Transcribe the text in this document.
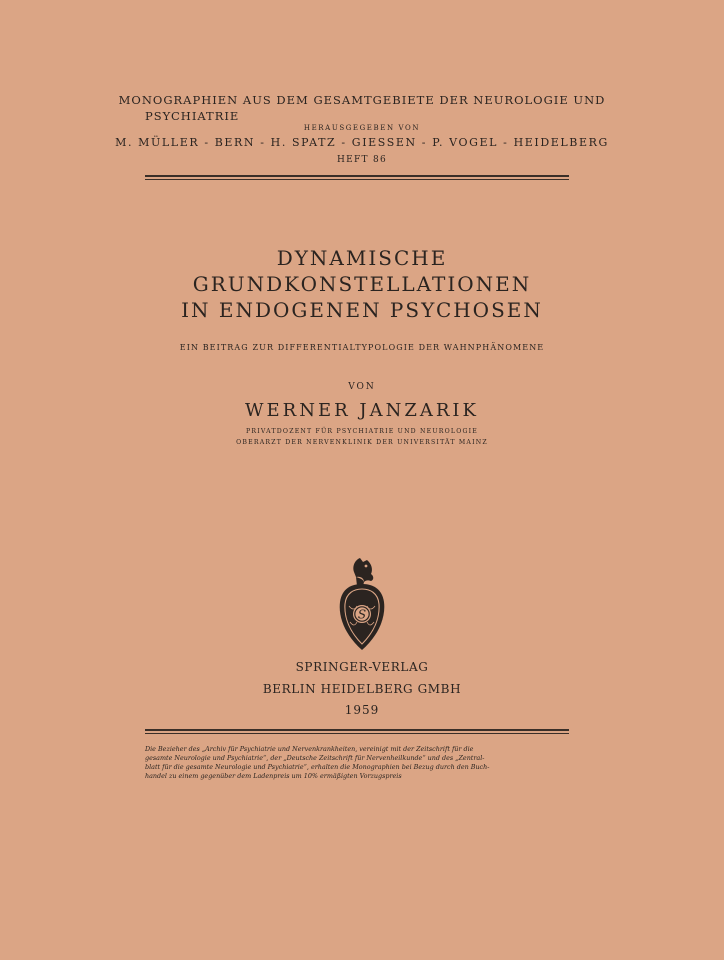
MONOGRAPHIEN AUS DEM GESAMTGEBIETE DER NEUROLOGIE UND
PSYCHIATRIE
HERAUSGEGEBEN VON
M. MÜLLER - BERN - H. SPATZ - GIESSEN - P. VOGEL - HEIDELBERG
HEFT 86
DYNAMISCHE
GRUNDKONSTELLATIONEN
IN ENDOGENEN PSYCHOSEN
EIN BEITRAG ZUR DIFFERENTIALTYPOLOGIE DER WAHNPHÄNOMENE
VON
WERNER JANZARIK
PRIVATDOZENT FÜR PSYCHIATRIE UND NEUROLOGIE
OBERARZT DER NERVENKLINIK DER UNIVERSITÄT MAINZ
S
SPRINGER-VERLAG
BERLIN HEIDELBERG GMBH
1959
Die Bezieher des „Archiv für Psychiatrie und Nervenkrankheiten, vereinigt mit der Zeitschrift für die
gesamte Neurologie und Psychiatrie“, der „Deutsche Zeitschrift für Nervenheilkunde“ und des „Zentral-
blatt für die gesamte Neurologie und Psychiatrie“, erhalten die Monographien bei Bezug durch den Buch-
handel zu einem gegenüber dem Ladenpreis um 10% ermäßigten Vorzugspreis
